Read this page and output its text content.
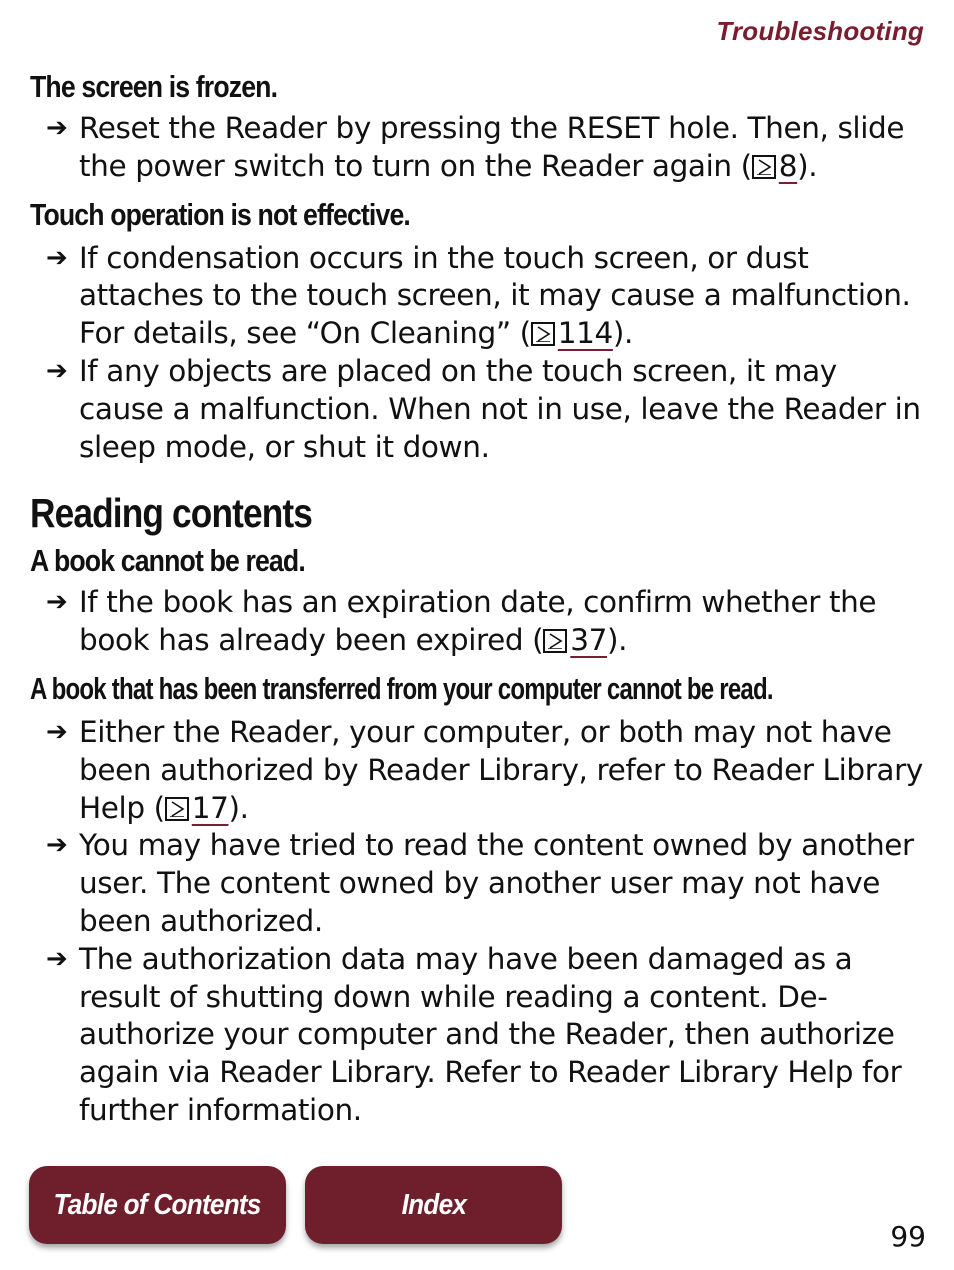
Troubleshooting

The screen is frozen.

➔ Reset the Reader by pressing the RESET hole. Then, slide the power switch to turn on the Reader again ( 8).

Touch operation is not effective.

➔ If condensation occurs in the touch screen, or dust attaches to the touch screen, it may cause a malfunction. For details, see “On Cleaning” ( 114).
➔ If any objects are placed on the touch screen, it may cause a malfunction. When not in use, leave the Reader in sleep mode, or shut it down.
Reading contents

A book cannot be read.

➔ If the book has an expiration date, confirm whether the book has already been expired ( 37).

A book that has been transferred from your computer cannot be read.

➔ Either the Reader, your computer, or both may not have been authorized by Reader Library, refer to Reader Library Help ( 17).
➔ You may have tried to read the content owned by another user. The content owned by another user may not have been authorized.
➔ The authorization data may have been damaged as a result of shutting down while reading a content. De-authorize your computer and the Reader, then authorize again via Reader Library. Refer to Reader Library Help for further information.
Table of Contents	Index
99
